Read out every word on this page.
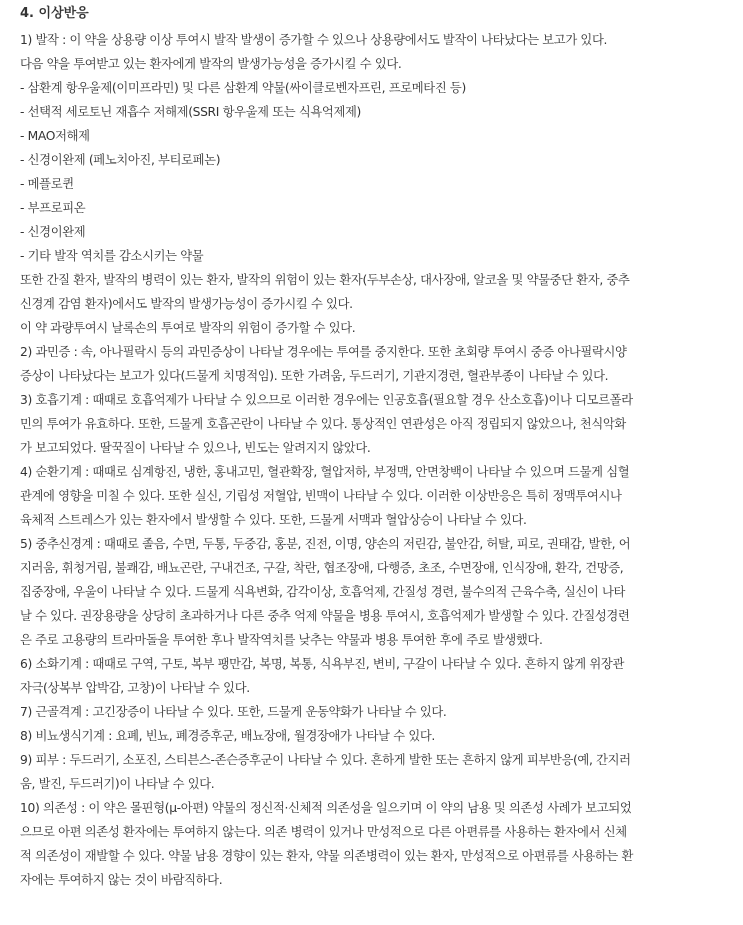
4. 이상반응
1) 발작 : 이 약을 상용량 이상 투여시 발작 발생이 증가할 수 있으나 상용량에서도 발작이 나타났다는 보고가 있다.
다음 약을 투여받고 있는 환자에게 발작의 발생가능성을 증가시킬 수 있다.
- 삼환계 항우울제(이미프라민) 및 다른 삼환계 약물(싸이클로벤자프린, 프로메타진 등)
- 선택적 세로토닌 재흡수 저해제(SSRI 항우울제 또는 식욕억제제)
- MAO저해제
- 신경이완제 (페노치아진, 부티로페논)
- 메플로퀸
- 부프로피온
- 신경이완제
- 기타 발작 역치를 감소시키는 약물
또한 간질 환자, 발작의 병력이 있는 환자, 발작의 위험이 있는 환자(두부손상, 대사장애, 알코올 및 약물중단 환자, 중추
신경계 감염 환자)에서도 발작의 발생가능성이 증가시킬 수 있다.
이 약 과량투여시 날록손의 투여로 발작의 위험이 증가할 수 있다.
2) 과민증 : 속, 아나필락시 등의 과민증상이 나타날 경우에는 투여를 중지한다. 또한 초회량 투여시 중증 아나필락시양
증상이 나타났다는 보고가 있다(드물게 치명적임). 또한 가려움, 두드러기, 기관지경련, 혈관부종이 나타날 수 있다.
3) 호흡기계 : 때때로 호흡억제가 나타날 수 있으므로 이러한 경우에는 인공호흡(필요할 경우 산소호흡)이나 디모르폴라
민의 투여가 유효하다. 또한, 드물게 호흡곤란이 나타날 수 있다. 통상적인 연관성은 아직 정립되지 않았으나, 천식악화
가 보고되었다. 딸꾹질이 나타날 수 있으나, 빈도는 알려지지 않았다.
4) 순환기계 : 때때로 심계항진, 냉한, 홍내고민, 혈관확장, 혈압저하, 부정맥, 안면창백이 나타날 수 있으며 드물게 심혈
관계에 영향을 미칠 수 있다. 또한 실신, 기립성 저혈압, 빈맥이 나타날 수 있다. 이러한 이상반응은 특히 정맥투여시나
육체적 스트레스가 있는 환자에서 발생할 수 있다. 또한, 드물게 서맥과 혈압상승이 나타날 수 있다.
5) 중추신경계 : 때때로 졸음, 수면, 두통, 두중감, 홍분, 진전, 이명, 양손의 저린감, 불안감, 허탈, 피로, 권태감, 발한, 어
지러움, 휘청거림, 불쾌감, 배뇨곤란, 구내건조, 구갈, 착란, 협조장애, 다행증, 초조, 수면장애, 인식장애, 환각, 건망증,
집중장애, 우울이 나타날 수 있다. 드물게 식욕변화, 감각이상, 호흡억제, 간질성 경련, 불수의적 근육수축, 실신이 나타
날 수 있다. 권장용량을 상당히 초과하거나 다른 중추 억제 약물을 병용 투여시, 호흡억제가 발생할 수 있다. 간질성경련
은 주로 고용량의 트라마돌을 투여한 후나 발작역치를 낮추는 약물과 병용 투여한 후에 주로 발생했다.
6) 소화기계 : 때때로 구역, 구토, 복부 팽만감, 복명, 복통, 식욕부진, 변비, 구갈이 나타날 수 있다. 흔하지 않게 위장관
자극(상복부 압박감, 고창)이 나타날 수 있다.
7) 근골격계 : 고긴장증이 나타날 수 있다. 또한, 드물게 운동약화가 나타날 수 있다.
8) 비뇨생식기계 : 요폐, 빈뇨, 폐경증후군, 배뇨장애, 월경장애가 나타날 수 있다.
9) 피부 : 두드러기, 소포진, 스티븐스-존슨증후군이 나타날 수 있다. 흔하게 발한 또는 흔하지 않게 피부반응(예, 간지러
움, 발진, 두드러기)이 나타날 수 있다.
10) 의존성 : 이 약은 몰핀형(μ-아편) 약물의 정신적·신체적 의존성을 일으키며 이 약의 남용 및 의존성 사례가 보고되었
으므로 아편 의존성 환자에는 투여하지 않는다. 의존 병력이 있거나 만성적으로 다른 아편류를 사용하는 환자에서 신체
적 의존성이 재발할 수 있다. 약물 남용 경향이 있는 환자, 약물 의존병력이 있는 환자, 만성적으로 아편류를 사용하는 환
자에는 투여하지 않는 것이 바람직하다.
